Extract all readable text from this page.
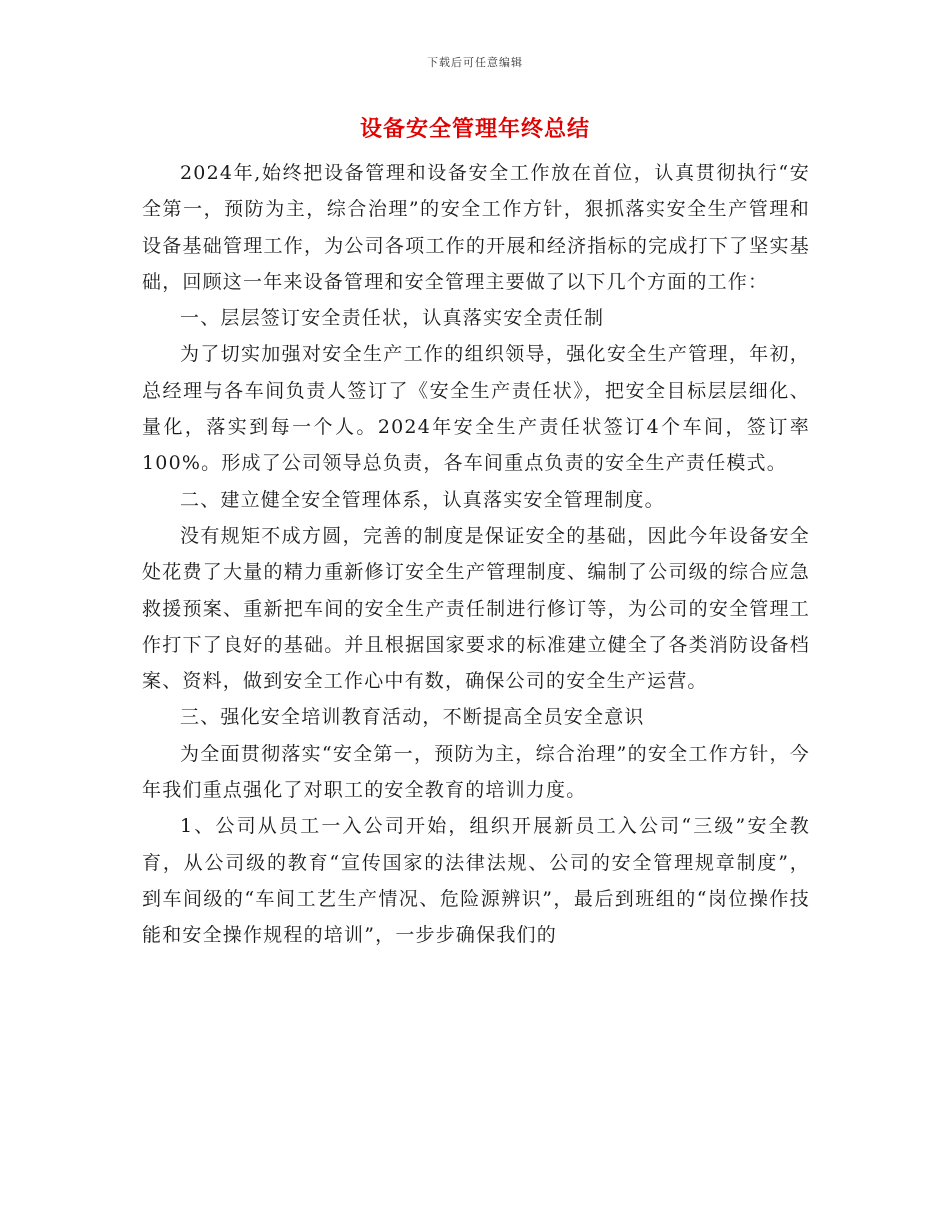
下载后可任意编辑
设备安全管理年终总结

2024年,始终把设备管理和设备安全工作放在首位，认真贯彻执行“安全第一，预防为主，综合治理”的安全工作方针，狠抓落实安全生产管理和设备基础管理工作，为公司各项工作的开展和经济指标的完成打下了坚实基础，回顾这一年来设备管理和安全管理主要做了以下几个方面的工作：

一、层层签订安全责任状，认真落实安全责任制

为了切实加强对安全生产工作的组织领导，强化安全生产管理，年初，总经理与各车间负责人签订了《安全生产责任状》，把安全目标层层细化、量化，落实到每一个人。2024年安全生产责任状签订4个车间，签订率100%。形成了公司领导总负责，各车间重点负责的安全生产责任模式。

二、建立健全安全管理体系，认真落实安全管理制度。

没有规矩不成方圆，完善的制度是保证安全的基础，因此今年设备安全处花费了大量的精力重新修订安全生产管理制度、编制了公司级的综合应急救援预案、重新把车间的安全生产责任制进行修订等，为公司的安全管理工作打下了良好的基础。并且根据国家要求的标准建立健全了各类消防设备档案、资料，做到安全工作心中有数，确保公司的安全生产运营。

三、强化安全培训教育活动，不断提高全员安全意识

为全面贯彻落实“安全第一，预防为主，综合治理”的安全工作方针，今年我们重点强化了对职工的安全教育的培训力度。

1、公司从员工一入公司开始，组织开展新员工入公司“三级”安全教育，从公司级的教育“宣传国家的法律法规、公司的安全管理规章制度”，到车间级的“车间工艺生产情况、危险源辨识”，最后到班组的“岗位操作技能和安全操作规程的培训”，一步步确保我们的
